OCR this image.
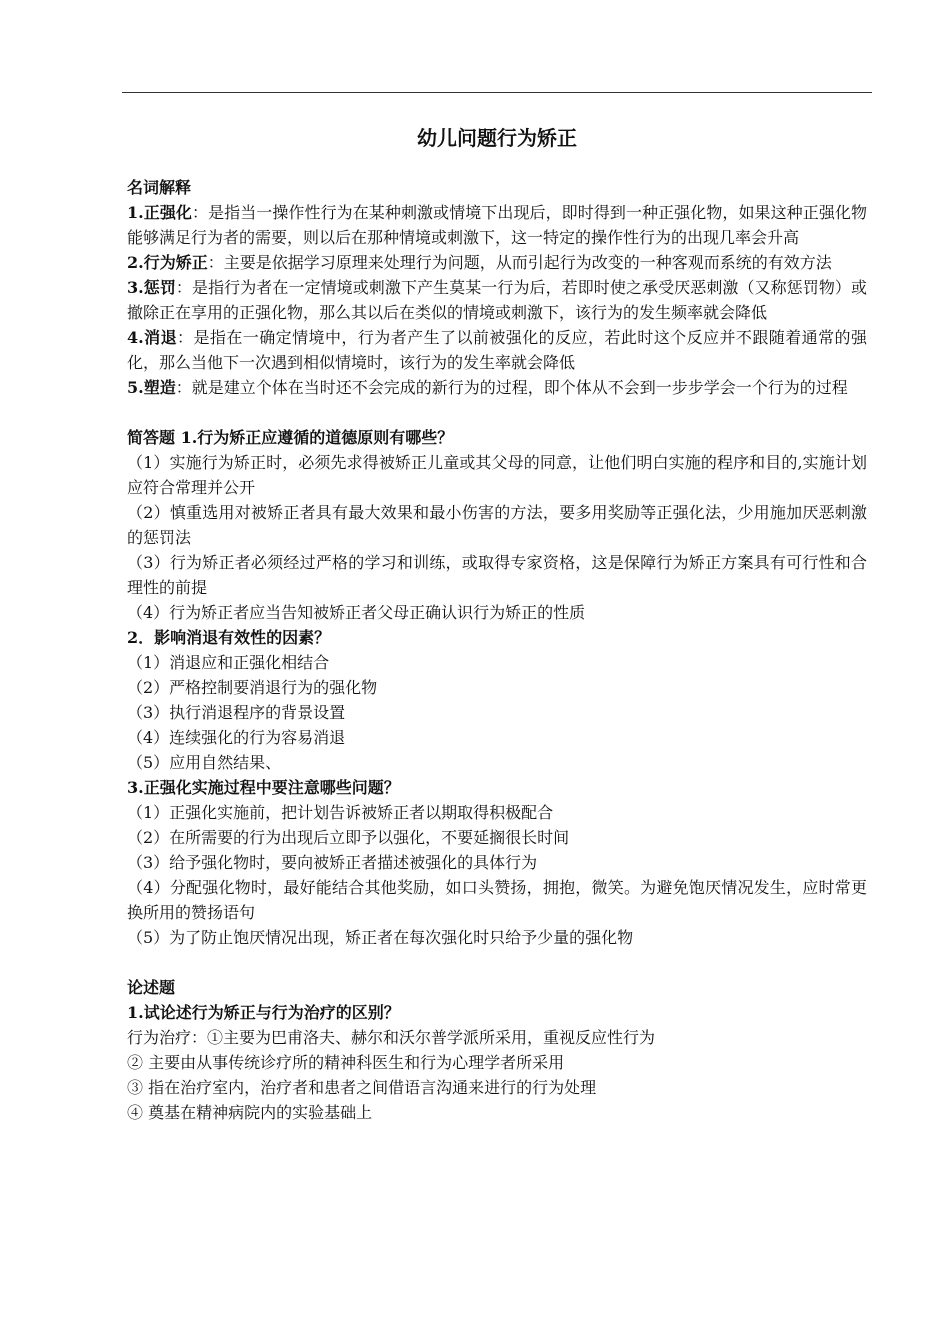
幼儿问题行为矫正

名词解释

1.正强化：是指当一操作性行为在某种刺激或情境下出现后，即时得到一种正强化物，如果这种正强化物能够满足行为者的需要，则以后在那种情境或刺激下，这一特定的操作性行为的出现几率会升高

2.行为矫正：主要是依据学习原理来处理行为问题，从而引起行为改变的一种客观而系统的有效方法

3.惩罚：是指行为者在一定情境或刺激下产生莫某一行为后，若即时使之承受厌恶刺激（又称惩罚物）或撤除正在享用的正强化物，那么其以后在类似的情境或刺激下，该行为的发生频率就会降低

4.消退：是指在一确定情境中，行为者产生了以前被强化的反应，若此时这个反应并不跟随着通常的强化，那么当他下一次遇到相似情境时，该行为的发生率就会降低

5.塑造：就是建立个体在当时还不会完成的新行为的过程，即个体从不会到一步步学会一个行为的过程

简答题 1.行为矫正应遵循的道德原则有哪些？

（1）实施行为矫正时，必须先求得被矫正儿童或其父母的同意，让他们明白实施的程序和目的,实施计划应符合常理并公开

（2）慎重选用对被矫正者具有最大效果和最小伤害的方法，要多用奖励等正强化法，少用施加厌恶刺激的惩罚法

（3）行为矫正者必须经过严格的学习和训练，或取得专家资格，这是保障行为矫正方案具有可行性和合理性的前提

（4）行为矫正者应当告知被矫正者父母正确认识行为矫正的性质

2．影响消退有效性的因素？

（1）消退应和正强化相结合

（2）严格控制要消退行为的强化物

（3）执行消退程序的背景设置

（4）连续强化的行为容易消退

（5）应用自然结果、

3.正强化实施过程中要注意哪些问题？

（1）正强化实施前，把计划告诉被矫正者以期取得积极配合

（2）在所需要的行为出现后立即予以强化，不要延搁很长时间

（3）给予强化物时，要向被矫正者描述被强化的具体行为

（4）分配强化物时，最好能结合其他奖励，如口头赞扬，拥抱，微笑。为避免饱厌情况发生，应时常更换所用的赞扬语句

（5）为了防止饱厌情况出现，矫正者在每次强化时只给予少量的强化物

论述题

1.试论述行为矫正与行为治疗的区别？

行为治疗：①主要为巴甫洛夫、赫尔和沃尔普学派所采用，重视反应性行为

② 主要由从事传统诊疗所的精神科医生和行为心理学者所采用

③ 指在治疗室内，治疗者和患者之间借语言沟通来进行的行为处理

④ 奠基在精神病院内的实验基础上
